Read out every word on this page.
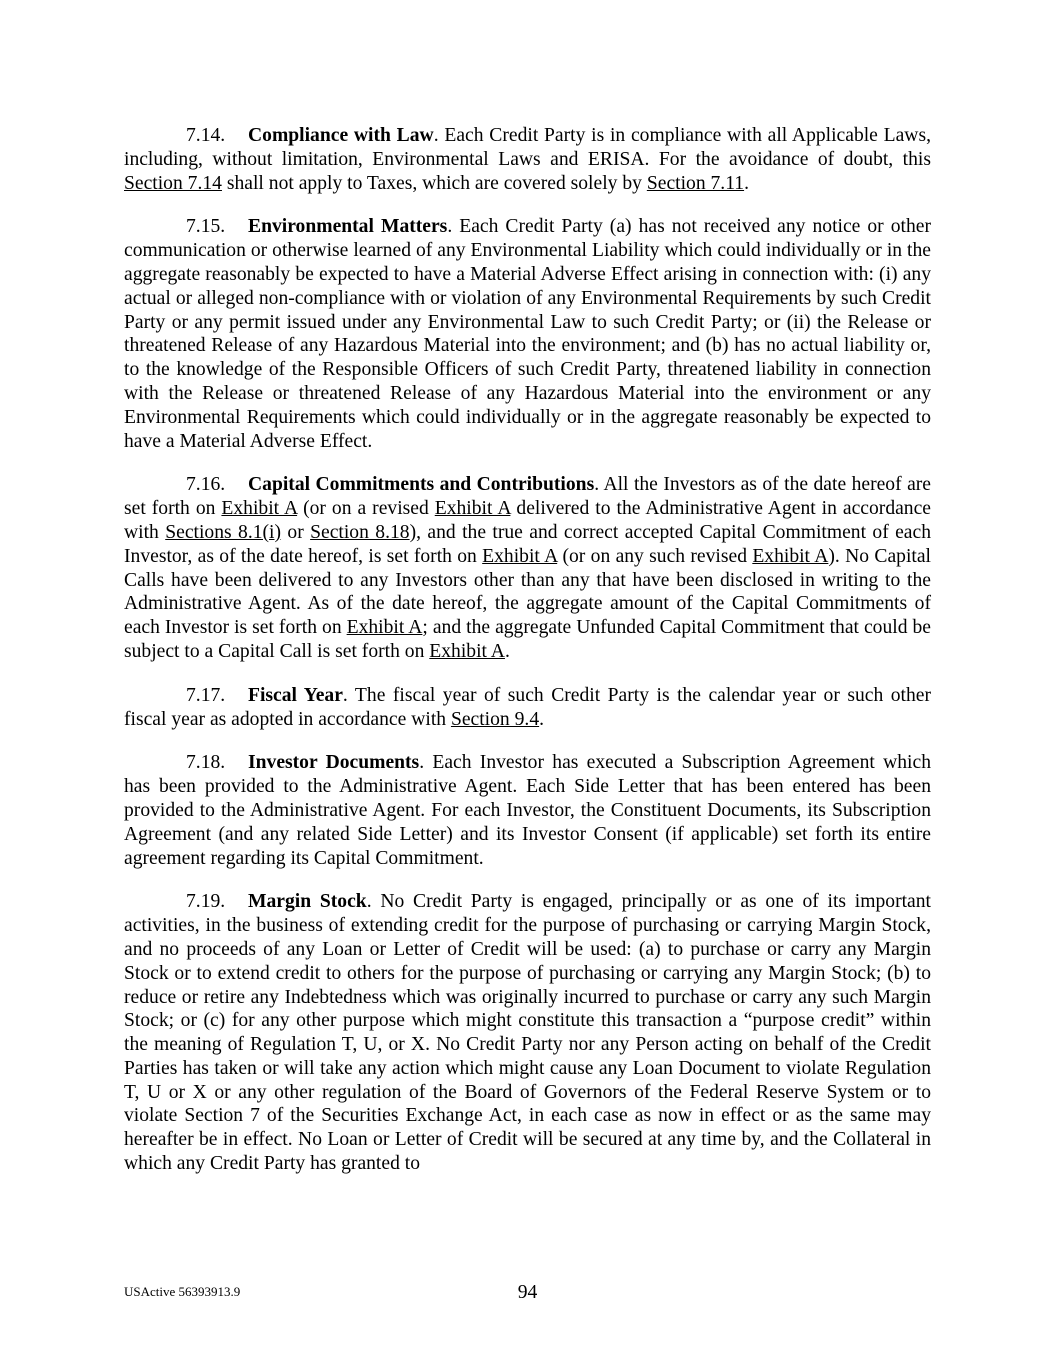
7.14. Compliance with Law. Each Credit Party is in compliance with all Applicable Laws, including, without limitation, Environmental Laws and ERISA. For the avoidance of doubt, this Section 7.14 shall not apply to Taxes, which are covered solely by Section 7.11.

7.15. Environmental Matters. Each Credit Party (a) has not received any notice or other communication or otherwise learned of any Environmental Liability which could individually or in the aggregate reasonably be expected to have a Material Adverse Effect arising in connection with: (i) any actual or alleged non-compliance with or violation of any Environmental Requirements by such Credit Party or any permit issued under any Environmental Law to such Credit Party; or (ii) the Release or threatened Release of any Hazardous Material into the environment; and (b) has no actual liability or, to the knowledge of the Responsible Officers of such Credit Party, threatened liability in connection with the Release or threatened Release of any Hazardous Material into the environment or any Environmental Requirements which could individually or in the aggregate reasonably be expected to have a Material Adverse Effect.

7.16. Capital Commitments and Contributions. All the Investors as of the date hereof are set forth on Exhibit A (or on a revised Exhibit A delivered to the Administrative Agent in accordance with Sections 8.1(i) or Section 8.18), and the true and correct accepted Capital Commitment of each Investor, as of the date hereof, is set forth on Exhibit A (or on any such revised Exhibit A). No Capital Calls have been delivered to any Investors other than any that have been disclosed in writing to the Administrative Agent. As of the date hereof, the aggregate amount of the Capital Commitments of each Investor is set forth on Exhibit A; and the aggregate Unfunded Capital Commitment that could be subject to a Capital Call is set forth on Exhibit A.

7.17. Fiscal Year. The fiscal year of such Credit Party is the calendar year or such other fiscal year as adopted in accordance with Section 9.4.

7.18. Investor Documents. Each Investor has executed a Subscription Agreement which has been provided to the Administrative Agent. Each Side Letter that has been entered has been provided to the Administrative Agent. For each Investor, the Constituent Documents, its Subscription Agreement (and any related Side Letter) and its Investor Consent (if applicable) set forth its entire agreement regarding its Capital Commitment.

7.19. Margin Stock. No Credit Party is engaged, principally or as one of its important activities, in the business of extending credit for the purpose of purchasing or carrying Margin Stock, and no proceeds of any Loan or Letter of Credit will be used: (a) to purchase or carry any Margin Stock or to extend credit to others for the purpose of purchasing or carrying any Margin Stock; (b) to reduce or retire any Indebtedness which was originally incurred to purchase or carry any such Margin Stock; or (c) for any other purpose which might constitute this transaction a “purpose credit” within the meaning of Regulation T, U, or X. No Credit Party nor any Person acting on behalf of the Credit Parties has taken or will take any action which might cause any Loan Document to violate Regulation T, U or X or any other regulation of the Board of Governors of the Federal Reserve System or to violate Section 7 of the Securities Exchange Act, in each case as now in effect or as the same may hereafter be in effect. No Loan or Letter of Credit will be secured at any time by, and the Collateral in which any Credit Party has granted to

USActive 56393913.9	94
